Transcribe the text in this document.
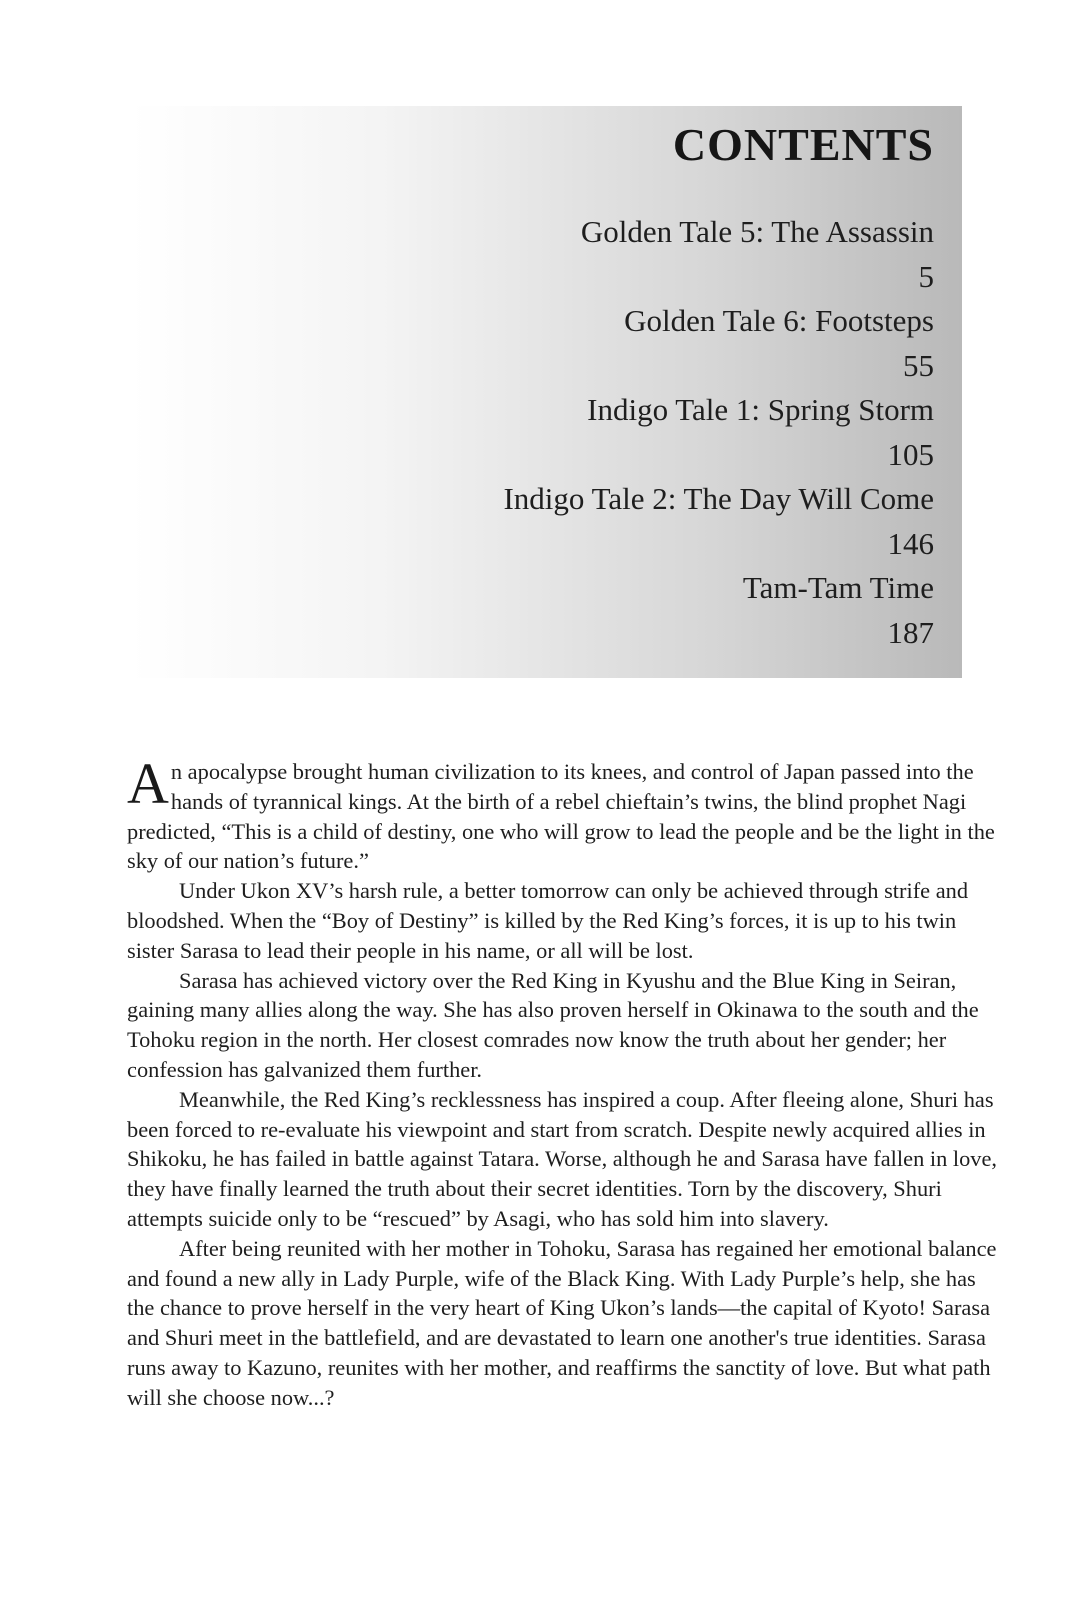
CONTENTS
Golden Tale 5: The Assassin
5
Golden Tale 6: Footsteps
55
Indigo Tale 1: Spring Storm
105
Indigo Tale 2: The Day Will Come
146
Tam-Tam Time
187

An apocalypse brought human civilization to its knees, and control of Japan passed into the hands of tyrannical kings. At the birth of a rebel chieftain’s twins, the blind prophet Nagi predicted, “This is a child of destiny, one who will grow to lead the people and be the light in the sky of our nation’s future.”

Under Ukon XV’s harsh rule, a better tomorrow can only be achieved through strife and bloodshed. When the “Boy of Destiny” is killed by the Red King’s forces, it is up to his twin sister Sarasa to lead their people in his name, or all will be lost.

Sarasa has achieved victory over the Red King in Kyushu and the Blue King in Seiran, gaining many allies along the way. She has also proven herself in Okinawa to the south and the Tohoku region in the north. Her closest comrades now know the truth about her gender; her confession has galvanized them further.

Meanwhile, the Red King’s recklessness has inspired a coup. After fleeing alone, Shuri has been forced to re-evaluate his viewpoint and start from scratch. Despite newly acquired allies in Shikoku, he has failed in battle against Tatara. Worse, although he and Sarasa have fallen in love, they have finally learned the truth about their secret identities. Torn by the discovery, Shuri attempts suicide only to be “rescued” by Asagi, who has sold him into slavery.

After being reunited with her mother in Tohoku, Sarasa has regained her emotional balance and found a new ally in Lady Purple, wife of the Black King. With Lady Purple’s help, she has the chance to prove herself in the very heart of King Ukon’s lands—the capital of Kyoto! Sarasa and Shuri meet in the battlefield, and are devastated to learn one another's true identities. Sarasa runs away to Kazuno, reunites with her mother, and reaffirms the sanctity of love. But what path will she choose now...?
